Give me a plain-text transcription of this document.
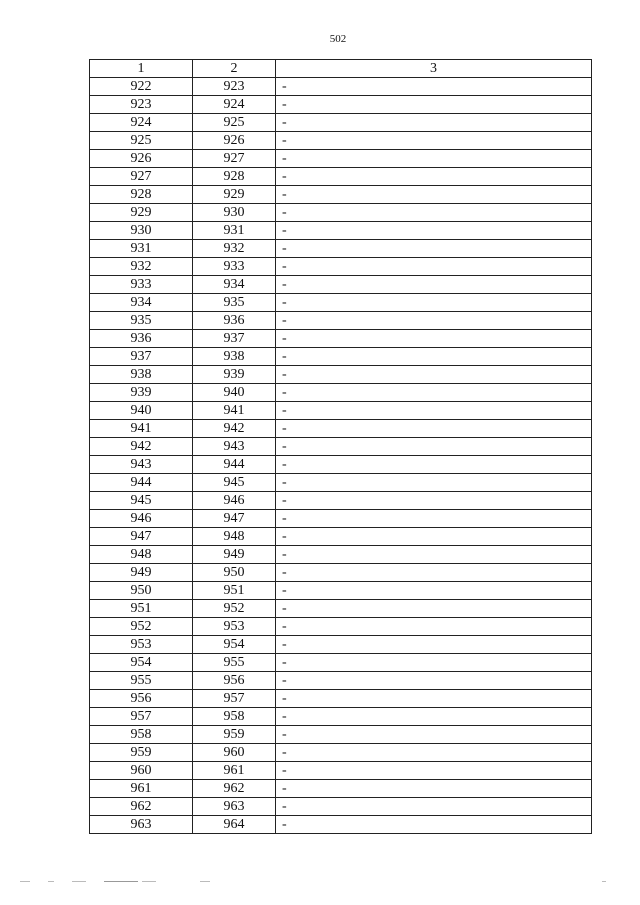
502
1	2	3
922	923	-
923	924	-
924	925	-
925	926	-
926	927	-
927	928	-
928	929	-
929	930	-
930	931	-
931	932	-
932	933	-
933	934	-
934	935	-
935	936	-
936	937	-
937	938	-
938	939	-
939	940	-
940	941	-
941	942	-
942	943	-
943	944	-
944	945	-
945	946	-
946	947	-
947	948	-
948	949	-
949	950	-
950	951	-
951	952	-
952	953	-
953	954	-
954	955	-
955	956	-
956	957	-
957	958	-
958	959	-
959	960	-
960	961	-
961	962	-
962	963	-
963	964	-
